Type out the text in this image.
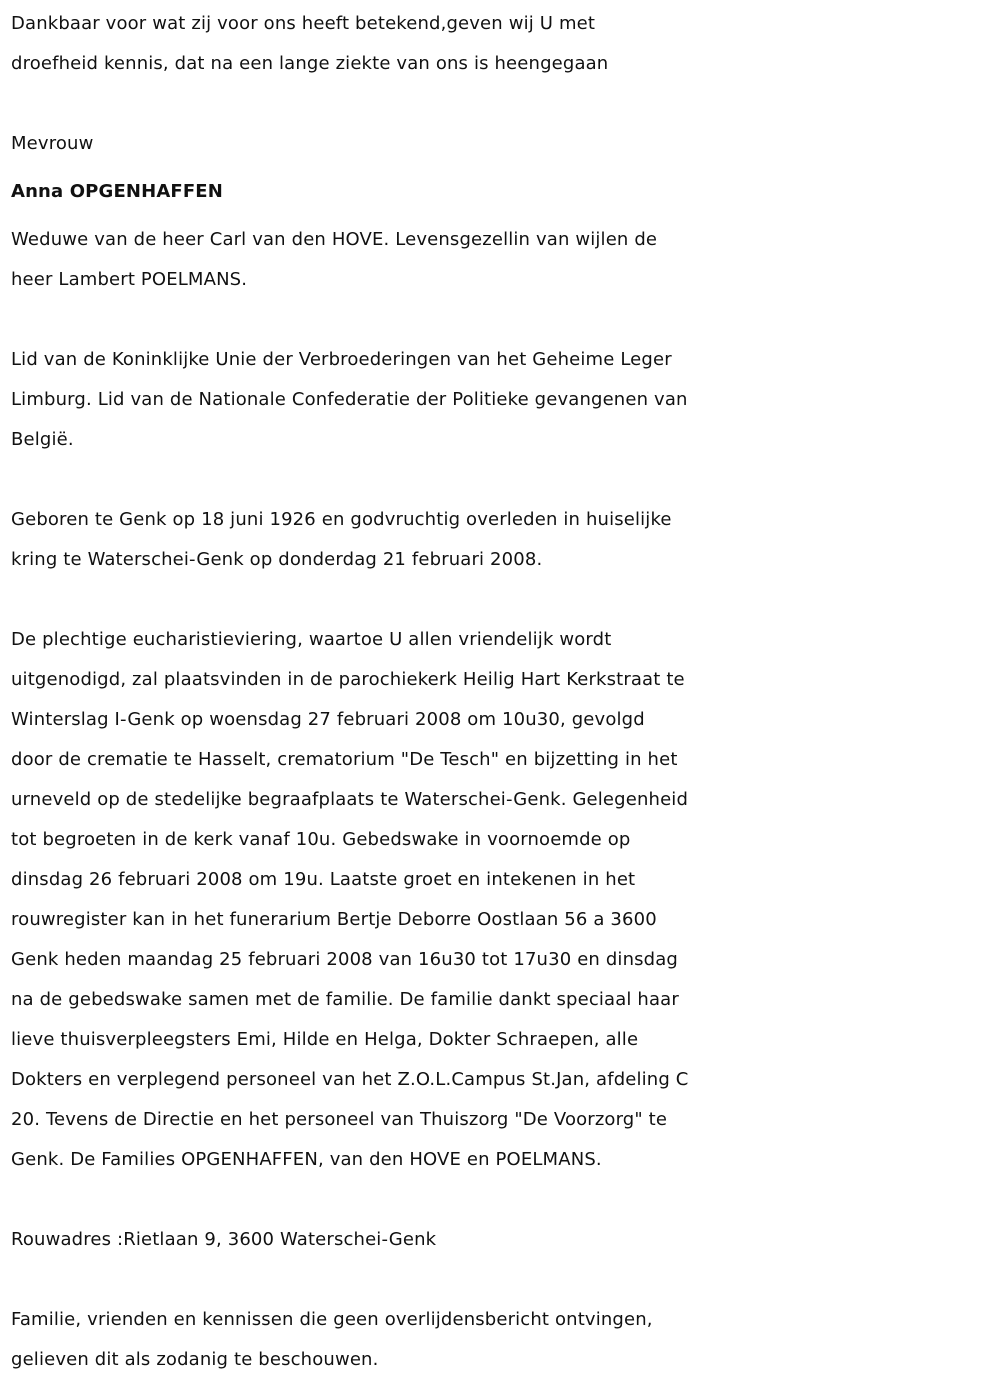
Dankbaar voor wat zij voor ons heeft betekend,geven wij U met
droefheid kennis, dat na een lange ziekte van ons is heengegaan
Mevrouw
Anna OPGENHAFFEN
Weduwe van de heer Carl van den HOVE. Levensgezellin van wijlen de
heer Lambert POELMANS.
Lid van de Koninklijke Unie der Verbroederingen van het Geheime Leger
Limburg. Lid van de Nationale Confederatie der Politieke gevangenen van
België.
Geboren te Genk op 18 juni 1926 en godvruchtig overleden in huiselijke
kring te Waterschei-Genk op donderdag 21 februari 2008.
De plechtige eucharistieviering, waartoe U allen vriendelijk wordt
uitgenodigd, zal plaatsvinden in de parochiekerk Heilig Hart Kerkstraat te
Winterslag I-Genk op woensdag 27 februari 2008 om 10u30, gevolgd
door de crematie te Hasselt, crematorium "De Tesch" en bijzetting in het
urneveld op de stedelijke begraafplaats te Waterschei-Genk. Gelegenheid
tot begroeten in de kerk vanaf 10u. Gebedswake in voornoemde op
dinsdag 26 februari 2008 om 19u. Laatste groet en intekenen in het
rouwregister kan in het funerarium Bertje Deborre Oostlaan 56 a 3600
Genk heden maandag 25 februari 2008 van 16u30 tot 17u30 en dinsdag
na de gebedswake samen met de familie. De familie dankt speciaal haar
lieve thuisverpleegsters Emi, Hilde en Helga, Dokter Schraepen, alle
Dokters en verplegend personeel van het Z.O.L.Campus St.Jan, afdeling C
20. Tevens de Directie en het personeel van Thuiszorg "De Voorzorg" te
Genk. De Families OPGENHAFFEN, van den HOVE en POELMANS.
Rouwadres :Rietlaan 9, 3600 Waterschei-Genk
Familie, vrienden en kennissen die geen overlijdensbericht ontvingen,
gelieven dit als zodanig te beschouwen.
